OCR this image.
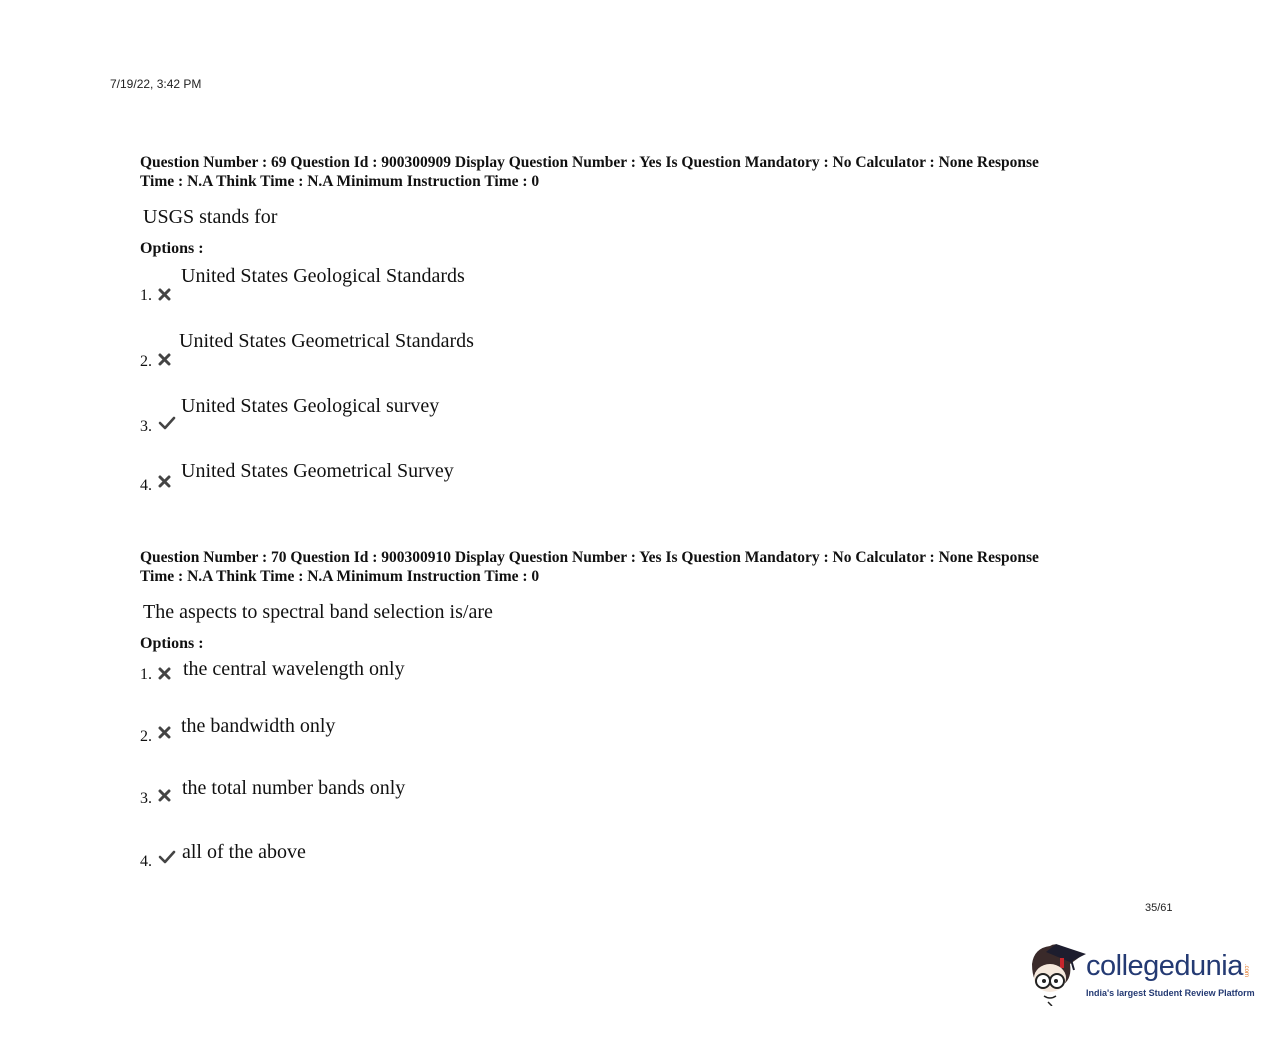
7/19/22, 3:42 PM

Question Number : 69 Question Id : 900300909 Display Question Number : Yes Is Question Mandatory : No Calculator : None Response
Time : N.A Think Time : N.A Minimum Instruction Time : 0

USGS stands for
Options :
1.
United States Geological Standards
2.
United States Geometrical Standards
3.
United States Geological survey
4.
United States Geometrical Survey

Question Number : 70 Question Id : 900300910 Display Question Number : Yes Is Question Mandatory : No Calculator : None Response
Time : N.A Think Time : N.A Minimum Instruction Time : 0

The aspects to spectral band selection is/are
Options :
1. the central wavelength only
2. the bandwidth only
3. the total number bands only
4. all of the above
35/61
collegedunia .com
India's largest Student Review Platform
